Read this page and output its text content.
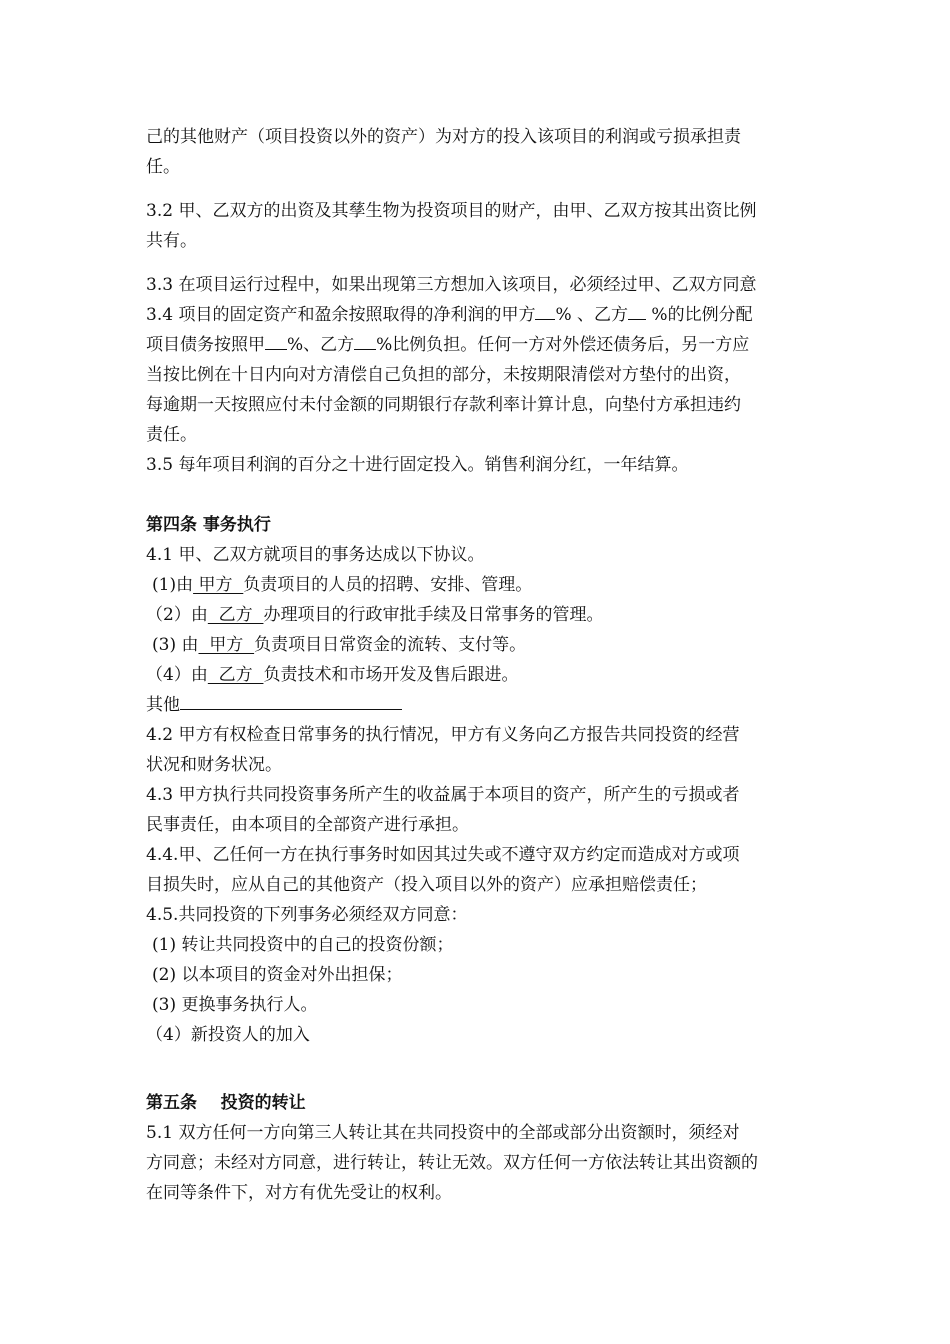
己的其他财产（项目投资以外的资产）为对方的投入该项目的利润或亏损承担责

任。

3.2 甲、乙双方的出资及其孳生物为投资项目的财产，由甲、乙双方按其出资比例

共有。

3.3 在项目运行过程中，如果出现第三方想加入该项目，必须经过甲、乙双方同意

3.4 项目的固定资产和盈余按照取得的净利润的甲方 % 、乙方 %的比例分配

项目债务按照甲 %、乙方 %比例负担。任何一方对外偿还债务后，另一方应

当按比例在十日内向对方清偿自己负担的部分，未按期限清偿对方垫付的出资，

每逾期一天按照应付未付金额的同期银行存款利率计算计息，向垫付方承担违约

责任。

3.5 每年项目利润的百分之十进行固定投入。销售利润分红，一年结算。

第四条 事务执行

4.1 甲、乙双方就项目的事务达成以下协议。

(1)由 甲方  负责项目的人员的招聘、安排、管理。

（2）由  乙方  办理项目的行政审批手续及日常事务的管理。

(3) 由  甲方  负责项目日常资金的流转、支付等。

（4）由  乙方  负责技术和市场开发及售后跟进。

其他

4.2 甲方有权检查日常事务的执行情况，甲方有义务向乙方报告共同投资的经营

状况和财务状况。

4.3 甲方执行共同投资事务所产生的收益属于本项目的资产，所产生的亏损或者

民事责任，由本项目的全部资产进行承担。

4.4.甲、乙任何一方在执行事务时如因其过失或不遵守双方约定而造成对方或项

目损失时，应从自己的其他资产（投入项目以外的资产）应承担赔偿责任；

4.5.共同投资的下列事务必须经双方同意：

(1) 转让共同投资中的自己的投资份额；

(2) 以本项目的资金对外出担保；

(3) 更换事务执行人。

（4）新投资人的加入

第五条    投资的转让

5.1 双方任何一方向第三人转让其在共同投资中的全部或部分出资额时，须经对

方同意；未经对方同意，进行转让，转让无效。双方任何一方依法转让其出资额的

在同等条件下，对方有优先受让的权利。
